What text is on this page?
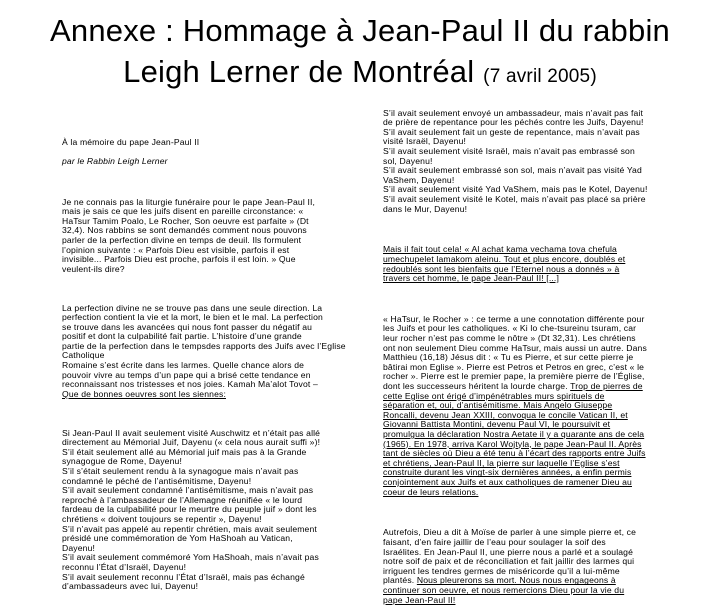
Annexe : Hommage à Jean-Paul II du rabbin
Leigh Lerner de Montréal (7 avril 2005)

À la mémoire du pape Jean-Paul II

par le Rabbin Leigh Lerner

Je ne connais pas la liturgie funéraire pour le pape Jean-Paul II,
mais je sais ce que les juifs disent en pareille circonstance: «
HaTsur Tamim Poalo, Le Rocher, Son oeuvre est parfaite » (Dt
32,4). Nos rabbins se sont demandés comment nous pouvons
parler de la perfection divine en temps de deuil. Ils formulent
l’opinion suivante : « Parfois Dieu est visible, parfois il est
invisible... Parfois Dieu est proche, parfois il est loin. » Que
veulent-ils dire?

La perfection divine ne se trouve pas dans une seule direction. La
perfection contient la vie et la mort, le bien et le mal. La perfection
se trouve dans les avancées qui nous font passer du négatif au
positif et dont la culpabilité fait partie. L’histoire d’une grande
partie de la perfection dans le tempsdes rapports des Juifs avec l’Eglise Catholique
Romaine s’est écrite dans les larmes. Quelle chance alors de
pouvoir vivre au temps d’un pape qui a brisé cette tendance en
reconnaissant nos tristesses et nos joies. Kamah Ma’alot Tovot –
Que de bonnes oeuvres sont les siennes:

Si Jean-Paul II avait seulement visité Auschwitz et n’était pas allé
directement au Mémorial Juif, Dayenu (« cela nous aurait suffi »)!
S’il était seulement allé au Mémorial juif mais pas à la Grande
synagogue de Rome, Dayenu!
S’il s’était seulement rendu à la synagogue mais n’avait pas
condamné le péché de l’antisémitisme, Dayenu!
S’il avait seulement condamné l’antisémitisme, mais n’avait pas
reproché à l’ambassadeur de l’Allemagne réunifiée « le lourd
fardeau de la culpabilité pour le meurtre du peuple juif » dont les
chrétiens « doivent toujours se repentir », Dayenu!
S’il n’avait pas appelé au repentir chrétien, mais avait seulement
présidé une commémoration de Yom HaShoah au Vatican,
Dayenu!
S’il avait seulement commémoré Yom HaShoah, mais n’avait pas
reconnu l’État d’Israël, Dayenu!
S’il avait seulement reconnu l’État d’Israël, mais pas échangé
d’ambassadeurs avec lui, Dayenu!

S’il avait seulement envoyé un ambassadeur, mais n’avait pas fait
de prière de repentance pour les péchés contre les Juifs, Dayenu!
S’il avait seulement fait un geste de repentance, mais n’avait pas
visité Israël, Dayenu!
S’il avait seulement visité Israël, mais n’avait pas embrassé son
sol, Dayenu!
S’il avait seulement embrassé son sol, mais n’avait pas visité Yad
VaShem, Dayenu!
S’il avait seulement visité Yad VaShem, mais pas le Kotel, Dayenu!
S’il avait seulement visité le Kotel, mais n’avait pas placé sa prière
dans le Mur, Dayenu!

Mais il fait tout cela! « Al achat kama vechama tova chefula
umechupelet lamakom aleinu. Tout et plus encore, doublés et
redoublés sont les bienfaits que l’Eternel nous a donnés » à
travers cet homme, le pape Jean-Paul II! [...]

« HaTsur, le Rocher » : ce terme a une connotation différente pour
les Juifs et pour les catholiques. « Ki lo che-tsureinu tsuram, car
leur rocher n’est pas comme le nôtre » (Dt 32,31). Les chrétiens
ont non seulement Dieu comme HaTsur, mais aussi un autre. Dans
Matthieu (16,18) Jésus dit : « Tu es Pierre, et sur cette pierre je
bâtirai mon Eglise ». Pierre est Petros et Petros en grec, c’est « le
rocher ». Pierre est le premier pape, la première pierre de l’Église,
dont les successeurs héritent la lourde charge. Trop de pierres de
cette Eglise ont érigé d’impénétrables murs spirituels de
séparation et, oui, d’antisémitisme. Mais Angelo Giuseppe
Roncalli, devenu Jean XXIII, convoqua le concile Vatican II, et
Giovanni Battista Montini, devenu Paul VI, le poursuivit et
promulgua la déclaration Nostra Aetate il y a quarante ans de cela
(1965). En 1978, arriva Karol Wojtyla, le pape Jean-Paul II. Après
tant de siècles où Dieu a été tenu à l’écart des rapports entre Juifs
et chrétiens, Jean-Paul II, la pierre sur laquelle l’Eglise s’est
construite durant les vingt-six dernières années, a enfin permis
conjointement aux Juifs et aux catholiques de ramener Dieu au
coeur de leurs relations.

Autrefois, Dieu a dit à Moïse de parler à une simple pierre et, ce
faisant, d’en faire jaillir de l’eau pour soulager la soif des
Israélites. En Jean-Paul II, une pierre nous a parlé et a soulagé
notre soif de paix et de réconciliation et fait jaillir des larmes qui
irriguent les tendres germes de miséricorde qu’il a lui-même
plantés. Nous pleurerons sa mort. Nous nous engageons à
continuer son oeuvre, et nous remercions Dieu pour la vie du
pape Jean-Paul II!
